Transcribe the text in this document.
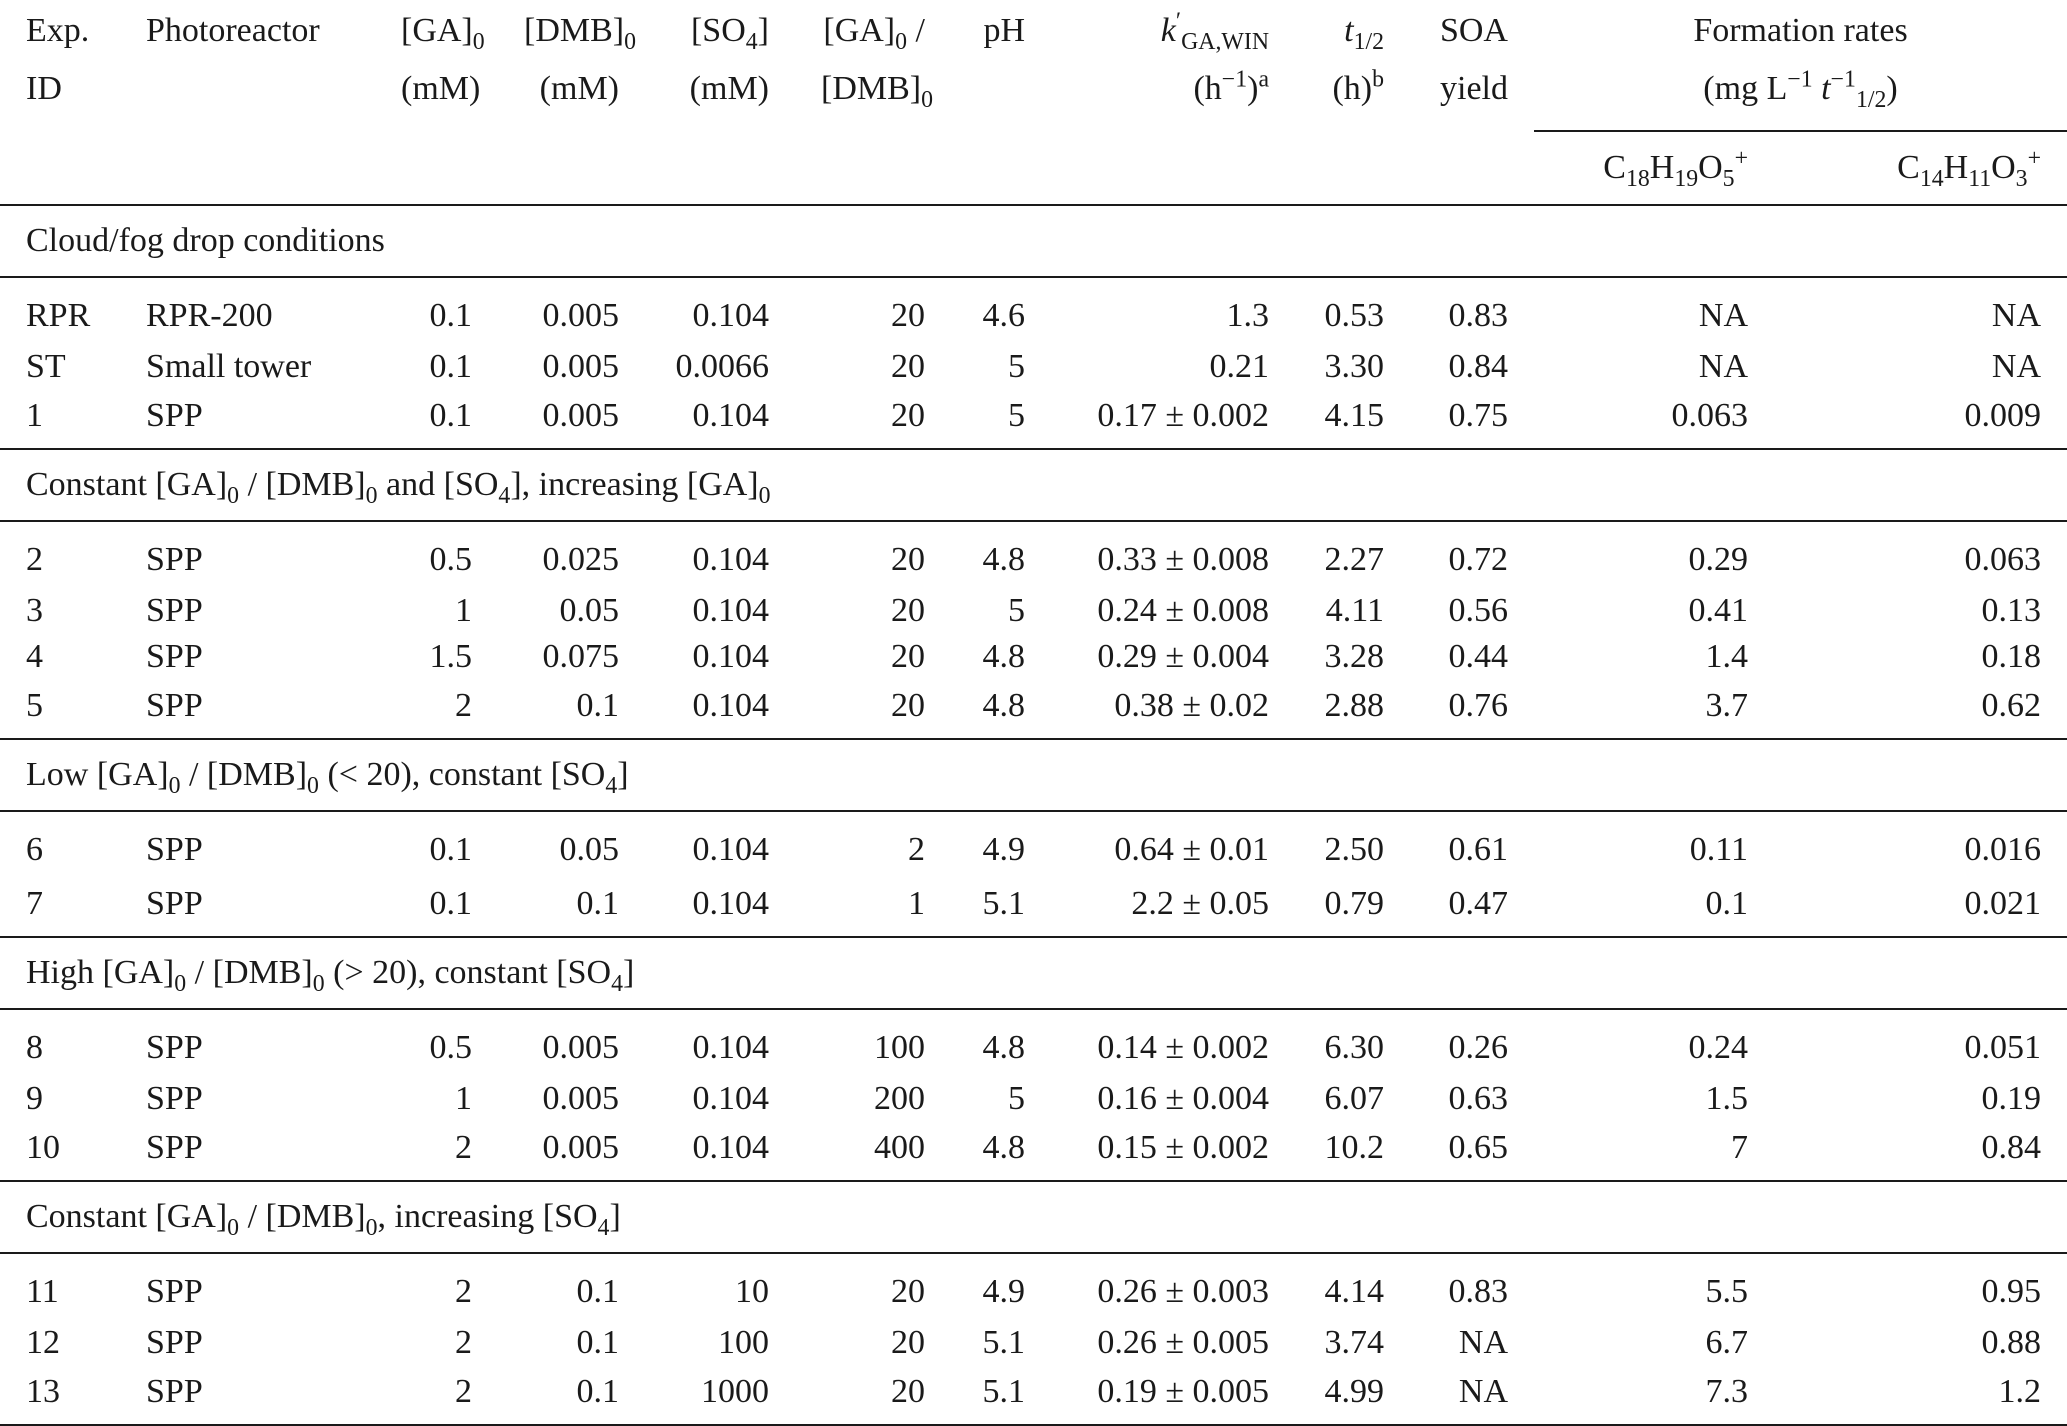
Exp.	Photoreactor	$[GA]_0$	$[DMB]_0$	$[SO_4]$	$[GA]_0$ /	pH	$k'_{GA,WIN}$	$t_{1/2}$	SOA	Formation rates	
ID		(mM)	(mM)	(mM)	$[DMB]_0$		$(h^{-1})^a$	$(h)^b$	yield	(mg $L^{-1}$ $t^{-1}_{1/2}$)	
										$C_{18}H_{19}O_5^+$	$C_{14}H_{11}O_3^+$
Cloud/fog drop conditions											
RPR	RPR-200	0.1	0.005	0.104	20	4.6	1.3	0.53	0.83	NA	NA
ST	Small tower	0.1	0.005	0.0066	20	5	0.21	3.30	0.84	NA	NA
1	SPP	0.1	0.005	0.104	20	5	0.17 ± 0.002	4.15	0.75	0.063	0.009
Constant $[GA]_0 / [DMB]_0$ and $[SO_4]$, increasing $[GA]_0$
2	SPP	0.5	0.025	0.104	20	4.8	0.33 ± 0.008	2.27	0.72	0.29	0.063
3	SPP	1	0.05	0.104	20	5	0.24 ± 0.008	4.11	0.56	0.41	0.13
4	SPP	1.5	0.075	0.104	20	4.8	0.29 ± 0.004	3.28	0.44	1.4	0.18
5	SPP	2	0.1	0.104	20	4.8	0.38 ± 0.02	2.88	0.76	3.7	0.62
Low $[GA]_0 / [DMB]_0$ (< 20), constant $[SO_4]$											
6	SPP	0.1	0.05	0.104	2	4.9	0.64 ± 0.01	2.50	0.61	0.11	0.016
7	SPP	0.1	0.1	0.104	1	5.1	2.2 ± 0.05	0.79	0.47	0.1	0.021
High $[GA]_0 / [DMB]_0$ (> 20), constant $[SO_4]$											
8	SPP	0.5	0.005	0.104	100	4.8	0.14 ± 0.002	6.30	0.26	0.24	0.051
9	SPP	1	0.005	0.104	200	5	0.16 ± 0.004	6.07	0.63	1.5	0.19
10	SPP	2	0.005	0.104	400	4.8	0.15 ± 0.002	10.2	0.65	7	0.84
Constant $[GA]_0 / [DMB]_0$, increasing $[SO_4]$											
11	SPP	2	0.1	10	20	4.9	0.26 ± 0.003	4.14	0.83	5.5	0.95
12	SPP	2	0.1	100	20	5.1	0.26 ± 0.005	3.74	NA	6.7	0.88
13	SPP	2	0.1	1000	20	5.1	0.19 ± 0.005	4.99	NA	7.3	1.2
